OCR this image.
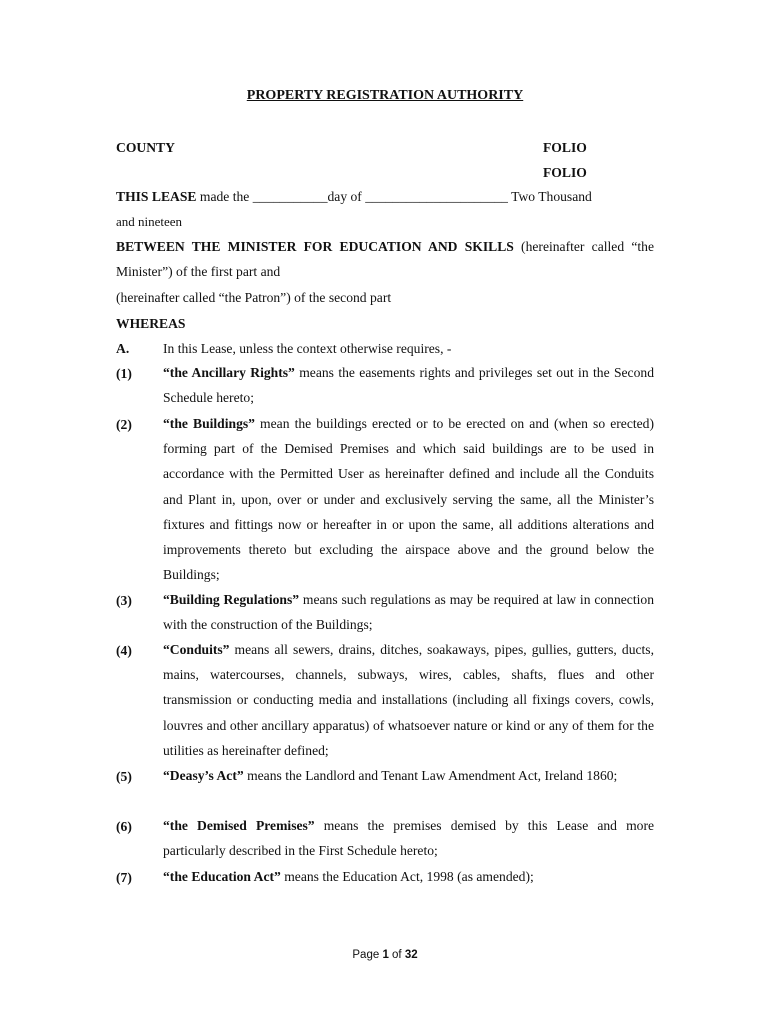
PROPERTY REGISTRATION AUTHORITY
COUNTY	FOLIO
FOLIO
THIS LEASE made the ___________day of _____________________ Two Thousand
and nineteen
BETWEEN THE MINISTER FOR EDUCATION AND SKILLS (hereinafter called “the Minister”) of the first part and
(hereinafter called “the Patron”) of the second part
WHEREAS
A. In this Lease, unless the context otherwise requires, -
(1) “the Ancillary Rights” means the easements rights and privileges set out in the Second Schedule hereto;
(2) “the Buildings” mean the buildings erected or to be erected on and (when so erected) forming part of the Demised Premises and which said buildings are to be used in accordance with the Permitted User as hereinafter defined and include all the Conduits and Plant in, upon, over or under and exclusively serving the same, all the Minister’s fixtures and fittings now or hereafter in or upon the same, all additions alterations and improvements thereto but excluding the airspace above and the ground below the Buildings;
(3) “Building Regulations” means such regulations as may be required at law in connection with the construction of the Buildings;
(4) “Conduits” means all sewers, drains, ditches, soakaways, pipes, gullies, gutters, ducts, mains, watercourses, channels, subways, wires, cables, shafts, flues and other transmission or conducting media and installations (including all fixings covers, cowls, louvres and other ancillary apparatus) of whatsoever nature or kind or any of them for the utilities as hereinafter defined;
(5) “Deasy’s Act” means the Landlord and Tenant Law Amendment Act, Ireland 1860;
(6) “the Demised Premises” means the premises demised by this Lease and more particularly described in the First Schedule hereto;
(7) “the Education Act” means the Education Act, 1998 (as amended);
Page 1 of 32
